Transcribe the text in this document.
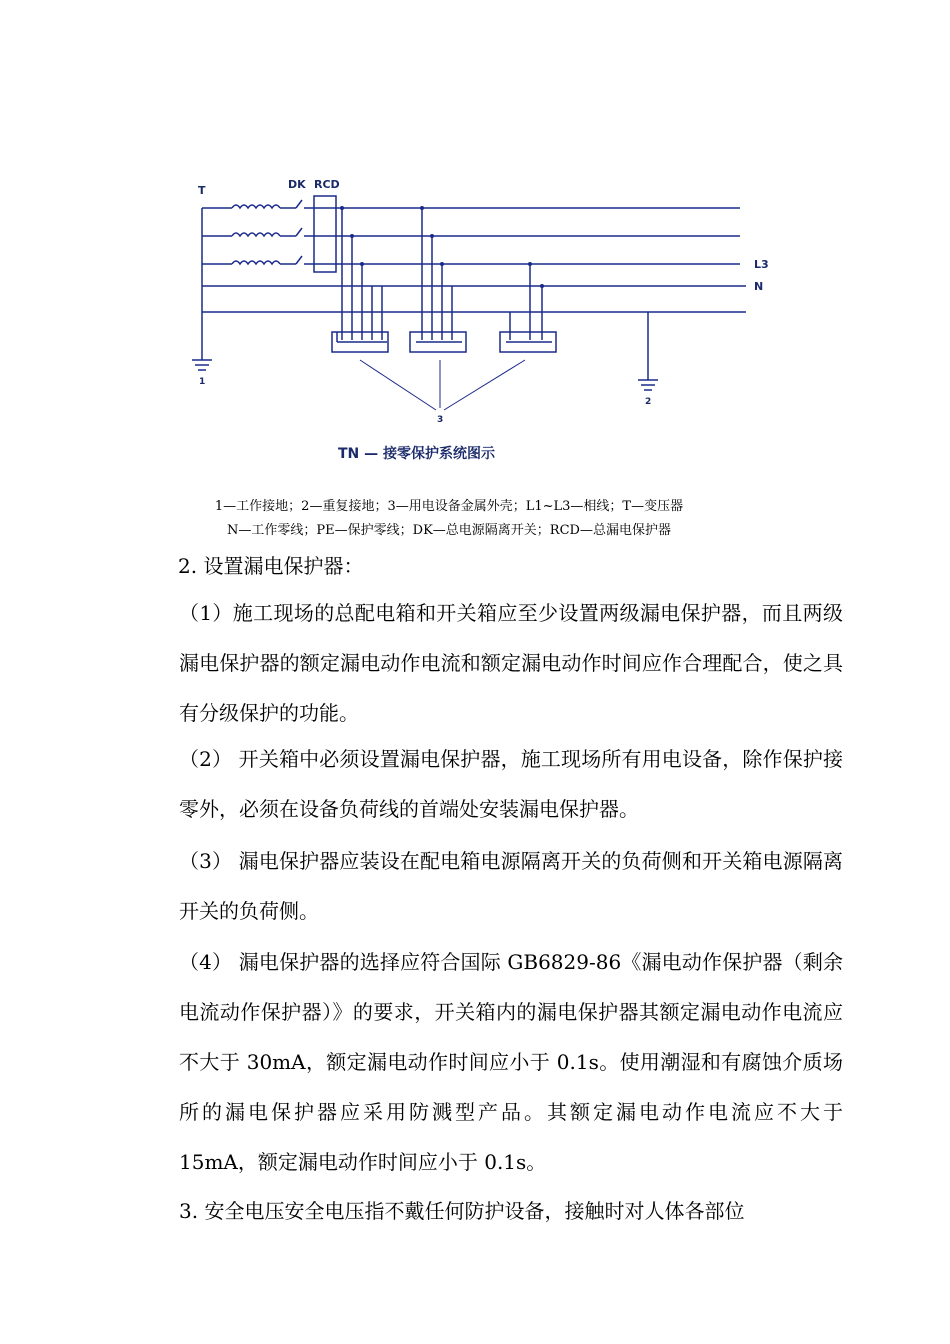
T	DK RCD
L3
N
1
2
3
TN — 接零保护系统图示
1—工作接地；2—重复接地；3—用电设备金属外壳；L1~L3—相线；T—变压器
N—工作零线；PE—保护零线；DK—总电源隔离开关；RCD—总漏电保护器

2. 设置漏电保护器：

（1）施工现场的总配电箱和开关箱应至少设置两级漏电保护器，而且两级漏电保护器的额定漏电动作电流和额定漏电动作时间应作合理配合，使之具有分级保护的功能。

（2） 开关箱中必须设置漏电保护器，施工现场所有用电设备，除作保护接零外，必须在设备负荷线的首端处安装漏电保护器。

（3） 漏电保护器应装设在配电箱电源隔离开关的负荷侧和开关箱电源隔离开关的负荷侧。

（4） 漏电保护器的选择应符合国际 GB6829-86《漏电动作保护器（剩余电流动作保护器）》的要求，开关箱内的漏电保护器其额定漏电动作电流应不大于 30mA，额定漏电动作时间应小于 0.1s。使用潮湿和有腐蚀介质场所的漏电保护器应采用防溅型产品。其额定漏电动作电流应不大于 15mA，额定漏电动作时间应小于 0.1s。

3. 安全电压安全电压指不戴任何防护设备，接触时对人体各部位
